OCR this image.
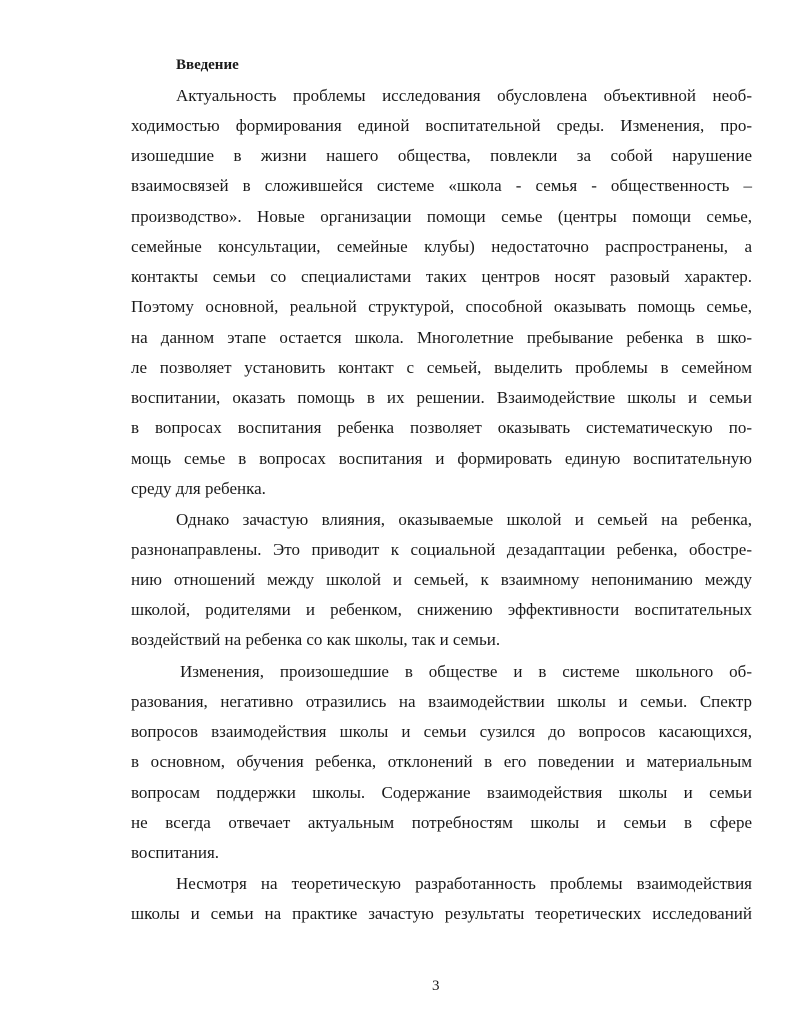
Введение
Актуальность проблемы исследования обусловлена объективной необ-
ходимостью формирования единой воспитательной среды. Изменения, про-
изошедшие в жизни нашего общества, повлекли за собой нарушение
взаимосвязей в сложившейся системе «школа - семья - общественность –
производство». Новые организации помощи семье (центры помощи семье,
семейные консультации, семейные клубы) недостаточно распространены, а
контакты семьи со специалистами таких центров носят разовый характер.
Поэтому основной, реальной структурой, способной оказывать помощь семье,
на данном этапе остается школа. Многолетние пребывание ребенка в шко-
ле позволяет установить контакт с семьей, выделить проблемы в семейном
воспитании, оказать помощь в их решении. Взаимодействие школы и семьи
в вопросах воспитания ребенка позволяет оказывать систематическую по-
мощь семье в вопросах воспитания и формировать единую воспитательную
среду для ребенка.
Однако зачастую влияния, оказываемые школой и семьей на ребенка,
разнонаправлены. Это приводит к социальной дезадаптации ребенка, обостре-
нию отношений между школой и семьей, к взаимному непониманию между
школой, родителями и ребенком, снижению эффективности воспитательных
воздействий на ребенка со как школы, так и семьи.
Изменения, произошедшие в обществе и в системе школьного об-
разования, негативно отразились на взаимодействии школы и семьи. Спектр
вопросов взаимодействия школы и семьи сузился до вопросов касающихся,
в основном, обучения ребенка, отклонений в его поведении и материальным
вопросам поддержки школы. Содержание взаимодействия школы и семьи
не всегда отвечает актуальным потребностям школы и семьи в сфере
воспитания.
Несмотря на теоретическую разработанность проблемы взаимодействия
школы и семьи на практике зачастую результаты теоретических исследований
3
